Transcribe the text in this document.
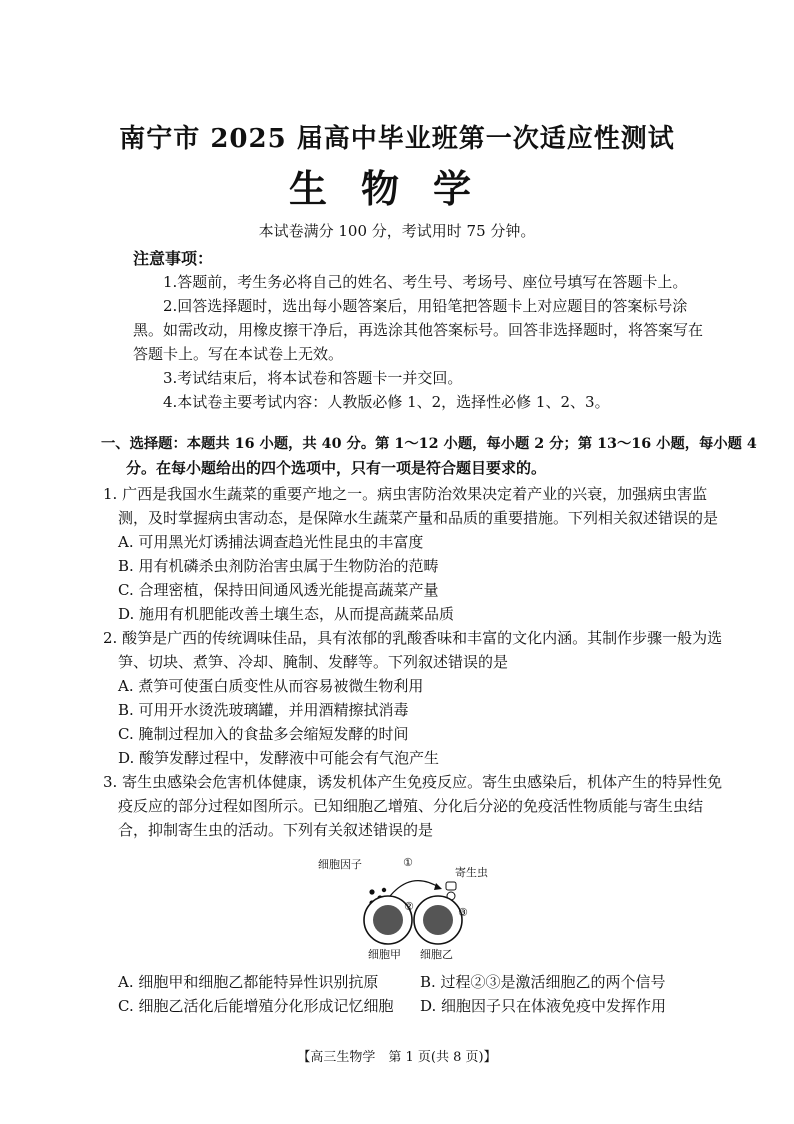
南宁市 2025 届高中毕业班第一次适应性测试
生物学
本试卷满分 100 分，考试用时 75 分钟。
注意事项：
1.答题前，考生务必将自己的姓名、考生号、考场号、座位号填写在答题卡上。
2.回答选择题时，选出每小题答案后，用铅笔把答题卡上对应题目的答案标号涂
黑。如需改动，用橡皮擦干净后，再选涂其他答案标号。回答非选择题时，将答案写在
答题卡上。写在本试卷上无效。
3.考试结束后，将本试卷和答题卡一并交回。
4.本试卷主要考试内容：人教版必修 1、2，选择性必修 1、2、3。
一、选择题：本题共 16 小题，共 40 分。第 1～12 小题，每小题 2 分；第 13～16 小题，每小题 4
分。在每小题给出的四个选项中，只有一项是符合题目要求的。
1. 广西是我国水生蔬菜的重要产地之一。病虫害防治效果决定着产业的兴衰，加强病虫害监
测，及时掌握病虫害动态，是保障水生蔬菜产量和品质的重要措施。下列相关叙述错误的是
A. 可用黑光灯诱捕法调查趋光性昆虫的丰富度
B. 用有机磷杀虫剂防治害虫属于生物防治的范畴
C. 合理密植，保持田间通风透光能提高蔬菜产量
D. 施用有机肥能改善土壤生态，从而提高蔬菜品质
2. 酸笋是广西的传统调味佳品，具有浓郁的乳酸香味和丰富的文化内涵。其制作步骤一般为选
笋、切块、煮笋、冷却、腌制、发酵等。下列叙述错误的是
A. 煮笋可使蛋白质变性从而容易被微生物利用
B. 可用开水烫洗玻璃罐，并用酒精擦拭消毒
C. 腌制过程加入的食盐多会缩短发酵的时间
D. 酸笋发酵过程中，发酵液中可能会有气泡产生
3. 寄生虫感染会危害机体健康，诱发机体产生免疫反应。寄生虫感染后，机体产生的特异性免
疫反应的部分过程如图所示。已知细胞乙增殖、分化后分泌的免疫活性物质能与寄生虫结
合，抑制寄生虫的活动。下列有关叙述错误的是
细胞因子	①
寄生虫
②	③
细胞甲 细胞乙
A. 细胞甲和细胞乙都能特异性识别抗原	B. 过程②③是激活细胞乙的两个信号
C. 细胞乙活化后能增殖分化形成记忆细胞 D. 细胞因子只在体液免疫中发挥作用
【高三生物学　第 1 页(共 8 页)】
